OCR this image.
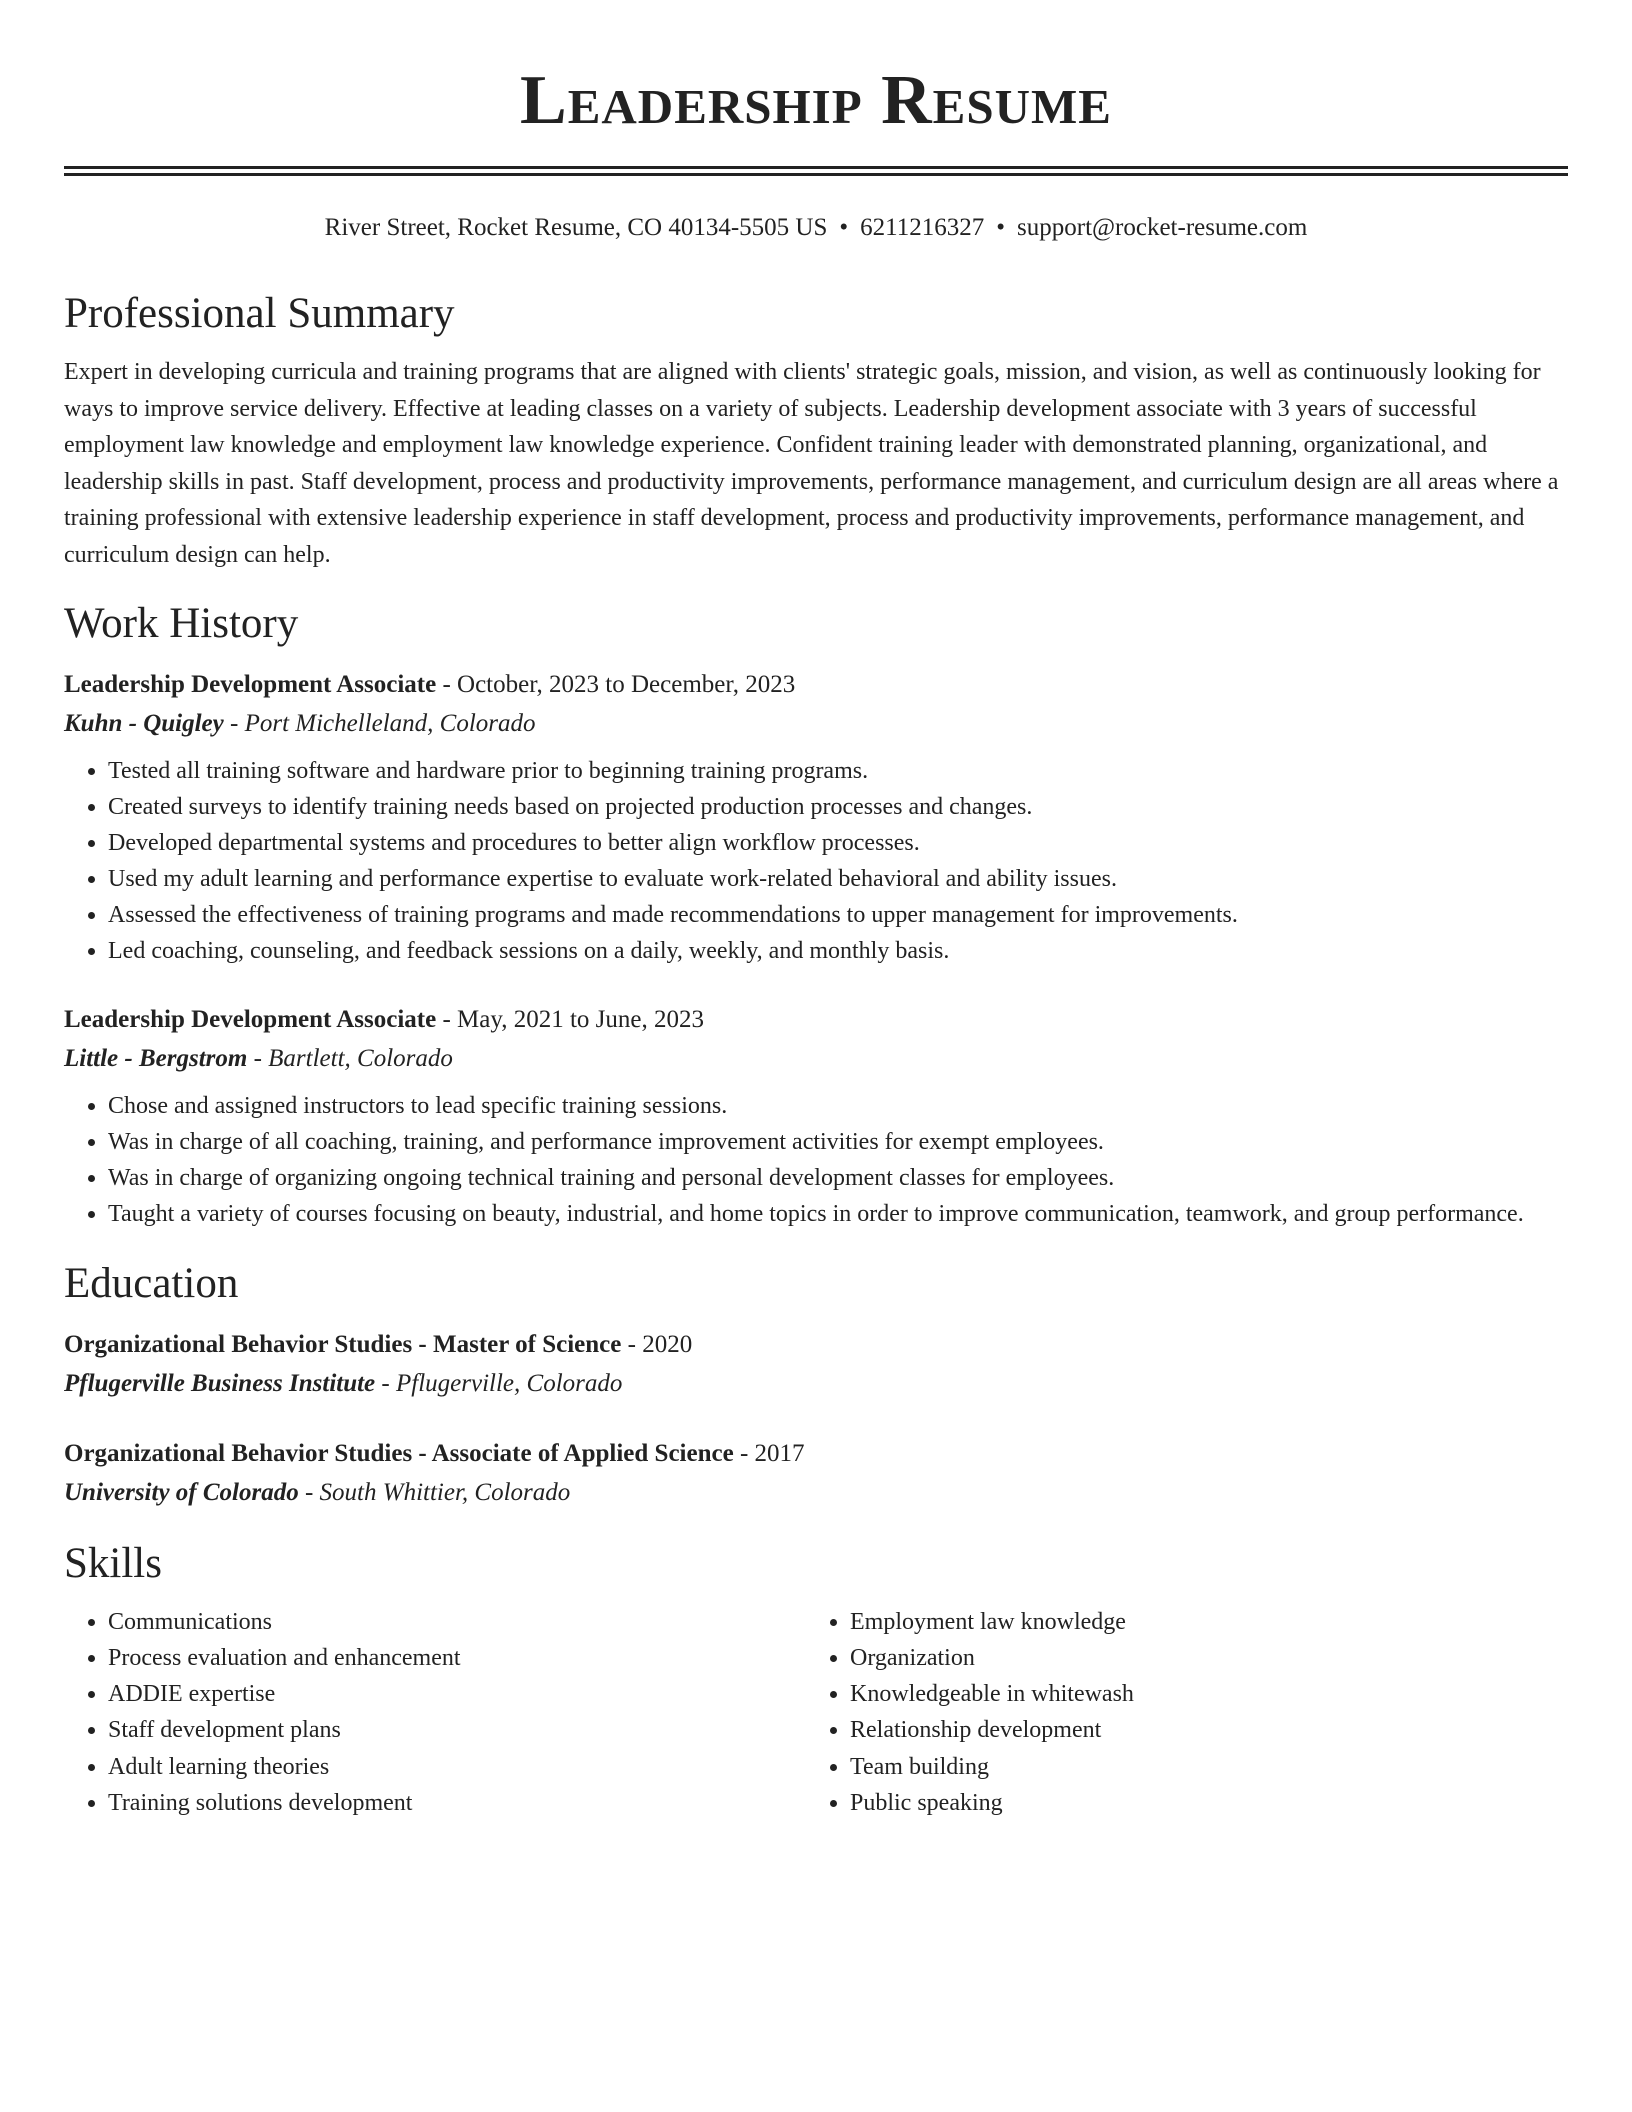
Leadership Resume
River Street, Rocket Resume, CO 40134-5505 US • 6211216327 • support@rocket-resume.com
Professional Summary

Expert in developing curricula and training programs that are aligned with clients' strategic goals, mission, and vision, as well as continuously looking for ways to improve service delivery. Effective at leading classes on a variety of subjects. Leadership development associate with 3 years of successful employment law knowledge and employment law knowledge experience. Confident training leader with demonstrated planning, organizational, and leadership skills in past. Staff development, process and productivity improvements, performance management, and curriculum design are all areas where a training professional with extensive leadership experience in staff development, process and productivity improvements, performance management, and curriculum design can help.

Work History
Leadership Development Associate - October, 2023 to December, 2023
Kuhn - Quigley - Port Michelleland, Colorado
• Tested all training software and hardware prior to beginning training programs.
• Created surveys to identify training needs based on projected production processes and changes.
• Developed departmental systems and procedures to better align workflow processes.
• Used my adult learning and performance expertise to evaluate work-related behavioral and ability issues.
• Assessed the effectiveness of training programs and made recommendations to upper management for improvements.
• Led coaching, counseling, and feedback sessions on a daily, weekly, and monthly basis.
Leadership Development Associate - May, 2021 to June, 2023
Little - Bergstrom - Bartlett, Colorado
• Chose and assigned instructors to lead specific training sessions.
• Was in charge of all coaching, training, and performance improvement activities for exempt employees.
• Was in charge of organizing ongoing technical training and personal development classes for employees.
• Taught a variety of courses focusing on beauty, industrial, and home topics in order to improve communication, teamwork, and group performance.
Education
Organizational Behavior Studies - Master of Science - 2020
Pflugerville Business Institute - Pflugerville, Colorado
Organizational Behavior Studies - Associate of Applied Science - 2017
University of Colorado - South Whittier, Colorado
Skills
• Communications
• Process evaluation and enhancement
• ADDIE expertise
• Staff development plans
• Adult learning theories
• Training solutions development
• Employment law knowledge
• Organization
• Knowledgeable in whitewash
• Relationship development
• Team building
• Public speaking
